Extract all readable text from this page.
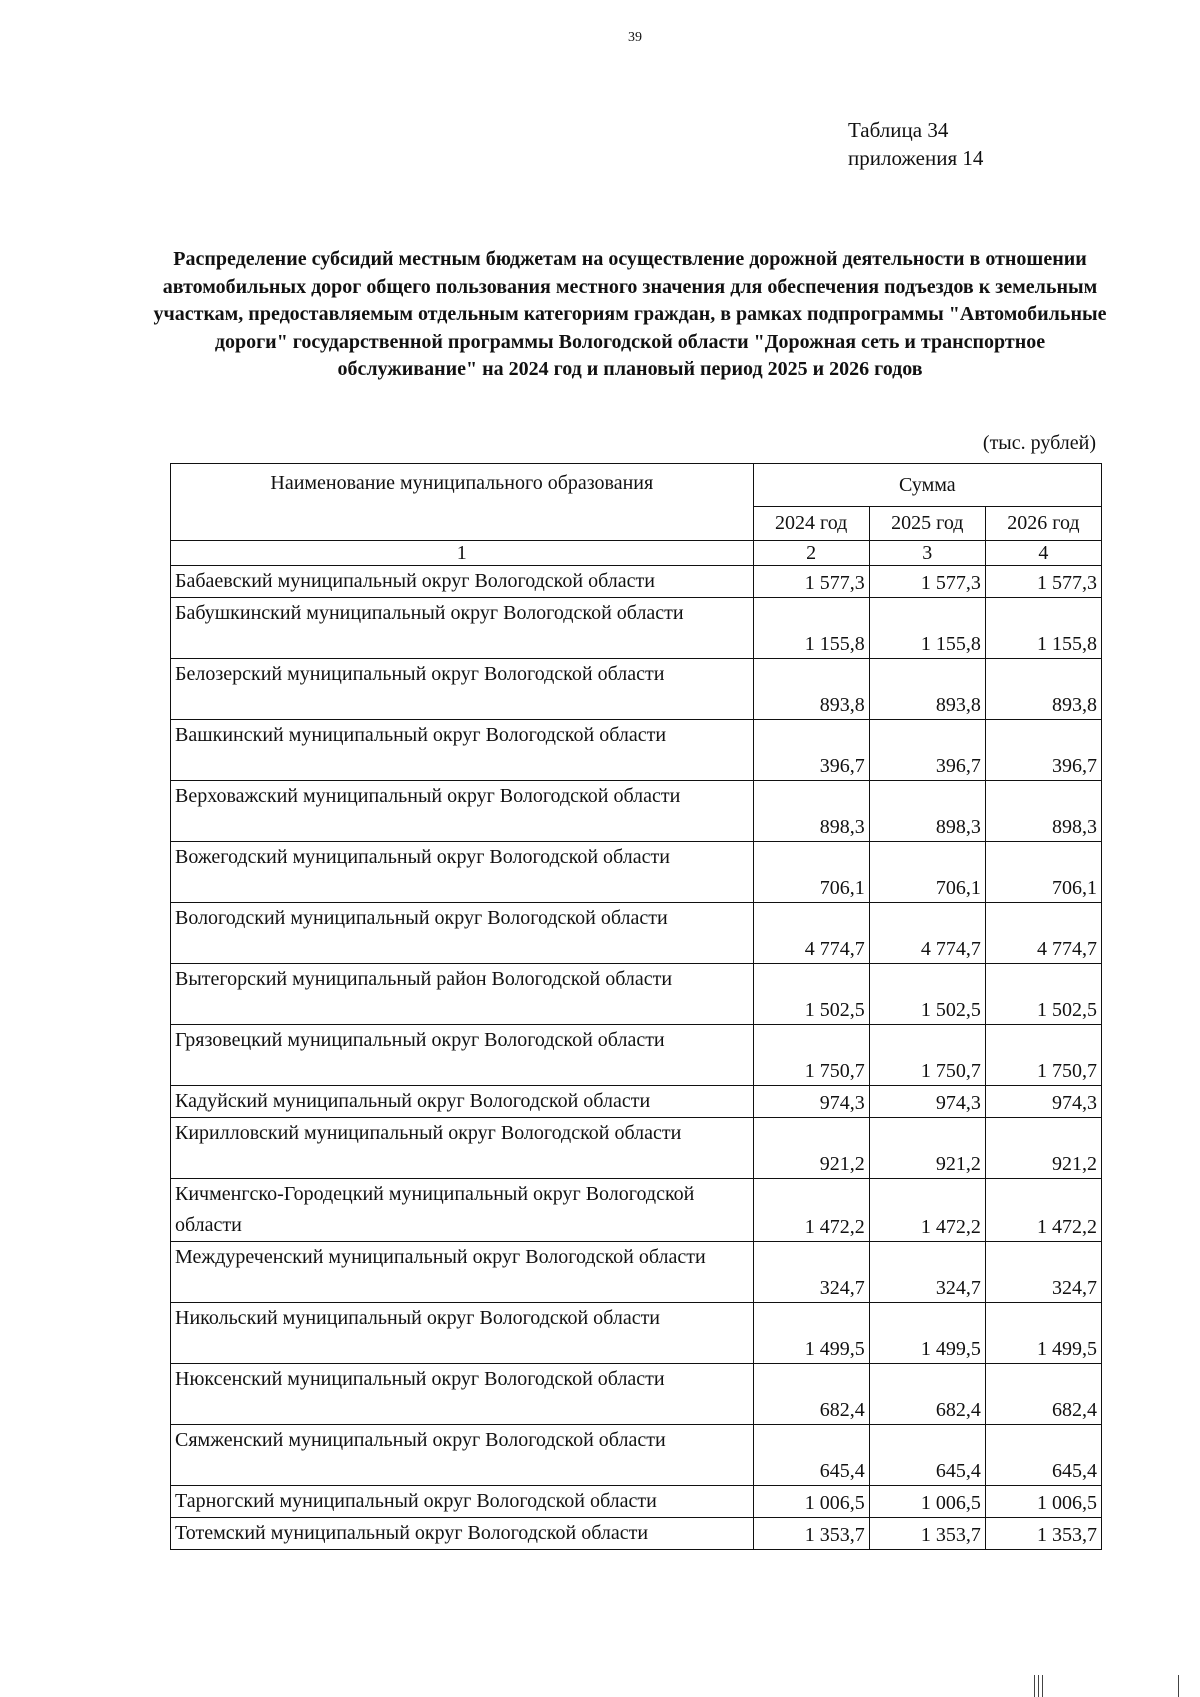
39
Таблица 34
приложения 14
Распределение субсидий местным бюджетам на осуществление дорожной деятельности в отношении автомобильных дорог общего пользования местного значения для обеспечения подъездов к земельным участкам, предоставляемым отдельным категориям граждан, в рамках подпрограммы "Автомобильные дороги" государственной программы Вологодской области "Дорожная сеть и транспортное обслуживание" на 2024 год и плановый период 2025 и 2026 годов
(тыс. рублей)
Наименование муниципального образования	Сумма		
	2024 год	2025 год	2026 год
1	2	3	4
Бабаевский муниципальный округ Вологодской области	1 577,3	1 577,3	1 577,3
Бабушкинский муниципальный округ Вологодской области	1 155,8	1 155,8	1 155,8
Белозерский муниципальный округ Вологодской области	893,8	893,8	893,8
Вашкинский муниципальный округ Вологодской области	396,7	396,7	396,7
Верховажский муниципальный округ Вологодской области	898,3	898,3	898,3
Вожегодский муниципальный округ Вологодской области	706,1	706,1	706,1
Вологодский муниципальный округ Вологодской области	4 774,7	4 774,7	4 774,7
Вытегорский муниципальный район Вологодской области	1 502,5	1 502,5	1 502,5
Грязовецкий муниципальный округ Вологодской области	1 750,7	1 750,7	1 750,7
Кадуйский муниципальный округ Вологодской области	974,3	974,3	974,3
Кирилловский муниципальный округ Вологодской области	921,2	921,2	921,2
Кичменгско-Городецкий муниципальный округ Вологодской области	1 472,2	1 472,2	1 472,2
Междуреченский муниципальный округ Вологодской области	324,7	324,7	324,7
Никольский муниципальный округ Вологодской области	1 499,5	1 499,5	1 499,5
Нюксенский муниципальный округ Вологодской области	682,4	682,4	682,4
Сямженский муниципальный округ Вологодской области	645,4	645,4	645,4
Тарногский муниципальный округ Вологодской области	1 006,5	1 006,5	1 006,5
Тотемский муниципальный округ Вологодской области	1 353,7	1 353,7	1 353,7
